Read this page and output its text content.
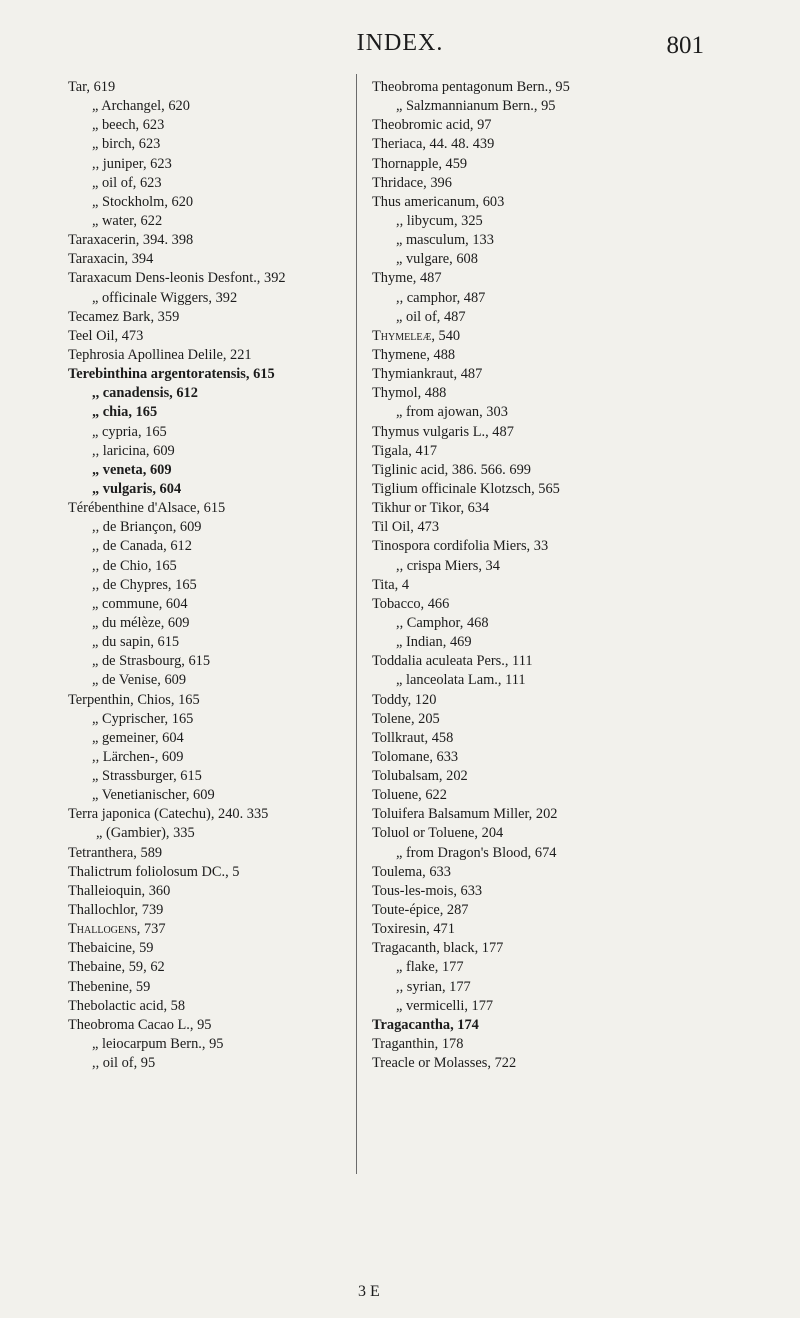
INDEX.	801
Tar, 619
„ Archangel, 620
„ beech, 623
„ birch, 623
,, juniper, 623
„ oil of, 623
„ Stockholm, 620
„ water, 622
Taraxacerin, 394. 398
Taraxacin, 394
Taraxacum Dens-leonis Desfont., 392
„ officinale Wiggers, 392
Tecamez Bark, 359
Teel Oil, 473
Tephrosia Apollinea Delile, 221
Terebinthina argentoratensis, 615
,, canadensis, 612
„ chia, 165
„ cypria, 165
,, laricina, 609
„ veneta, 609
„ vulgaris, 604
Térébenthine d'Alsace, 615
,, de Briançon, 609
,, de Canada, 612
,, de Chio, 165
,, de Chypres, 165
„ commune, 604
„ du mélèze, 609
„ du sapin, 615
„ de Strasbourg, 615
„ de Venise, 609
Terpenthin, Chios, 165
„ Cyprischer, 165
„ gemeiner, 604
,, Lärchen-, 609
„ Strassburger, 615
„ Venetianischer, 609
Terra japonica (Catechu), 240. 335
„ (Gambier), 335
Tetranthera, 589
Thalictrum foliolosum DC., 5
Thalleioquin, 360
Thallochlor, 739
Thallogens, 737
Thebaicine, 59
Thebaine, 59, 62
Thebenine, 59
Thebolactic acid, 58
Theobroma Cacao L., 95
„ leiocarpum Bern., 95
,, oil of, 95
Theobroma pentagonum Bern., 95
„ Salzmannianum Bern., 95
Theobromic acid, 97
Theriaca, 44. 48. 439
Thornapple, 459
Thridace, 396
Thus americanum, 603
,, libycum, 325
„ masculum, 133
„ vulgare, 608
Thyme, 487
,, camphor, 487
„ oil of, 487
Thymeleæ, 540
Thymene, 488
Thymiankraut, 487
Thymol, 488
„ from ajowan, 303
Thymus vulgaris L., 487
Tigala, 417
Tiglinic acid, 386. 566. 699
Tiglium officinale Klotzsch, 565
Tikhur or Tikor, 634
Til Oil, 473
Tinospora cordifolia Miers, 33
,, crispa Miers, 34
Tita, 4
Tobacco, 466
,, Camphor, 468
„ Indian, 469
Toddalia aculeata Pers., 111
„ lanceolata Lam., 111
Toddy, 120
Tolene, 205
Tollkraut, 458
Tolomane, 633
Tolubalsam, 202
Toluene, 622
Toluifera Balsamum Miller, 202
Toluol or Toluene, 204
„ from Dragon's Blood, 674
Toulema, 633
Tous-les-mois, 633
Toute-épice, 287
Toxiresin, 471
Tragacanth, black, 177
„ flake, 177
,, syrian, 177
„ vermicelli, 177
Tragacantha, 174
Traganthin, 178
Treacle or Molasses, 722
3 E
